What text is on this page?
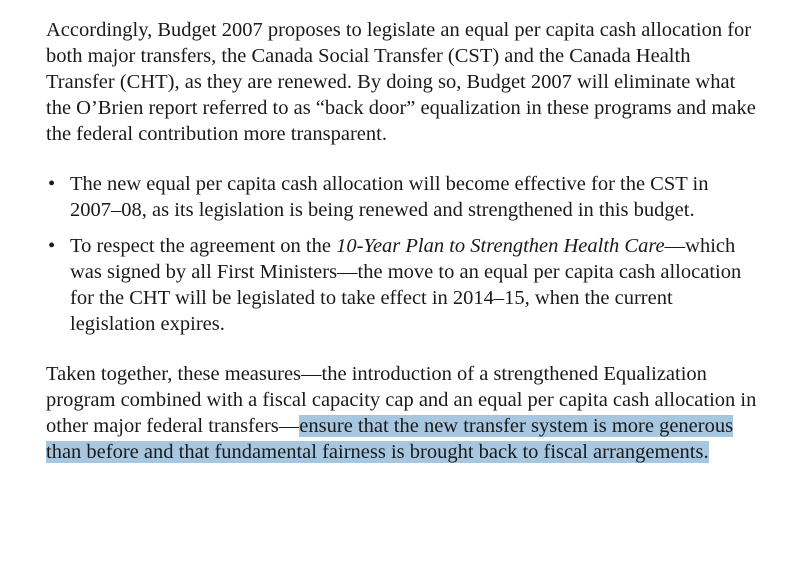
Accordingly, Budget 2007 proposes to legislate an equal per capita cash allocation for both major transfers, the Canada Social Transfer (CST) and the Canada Health Transfer (CHT), as they are renewed. By doing so, Budget 2007 will eliminate what the O’Brien report referred to as “back door” equalization in these programs and make the federal contribution more transparent.

• The new equal per capita cash allocation will become effective for the CST in 2007–08, as its legislation is being renewed and strengthened in this budget.
• To respect the agreement on the 10-Year Plan to Strengthen Health Care—which was signed by all First Ministers—the move to an equal per capita cash allocation for the CHT will be legislated to take effect in 2014–15, when the current legislation expires.

Taken together, these measures—the introduction of a strengthened Equalization program combined with a fiscal capacity cap and an equal per capita cash allocation in other major federal transfers—ensure that the new transfer system is more generous than before and that fundamental fairness is brought back to fiscal arrangements.
